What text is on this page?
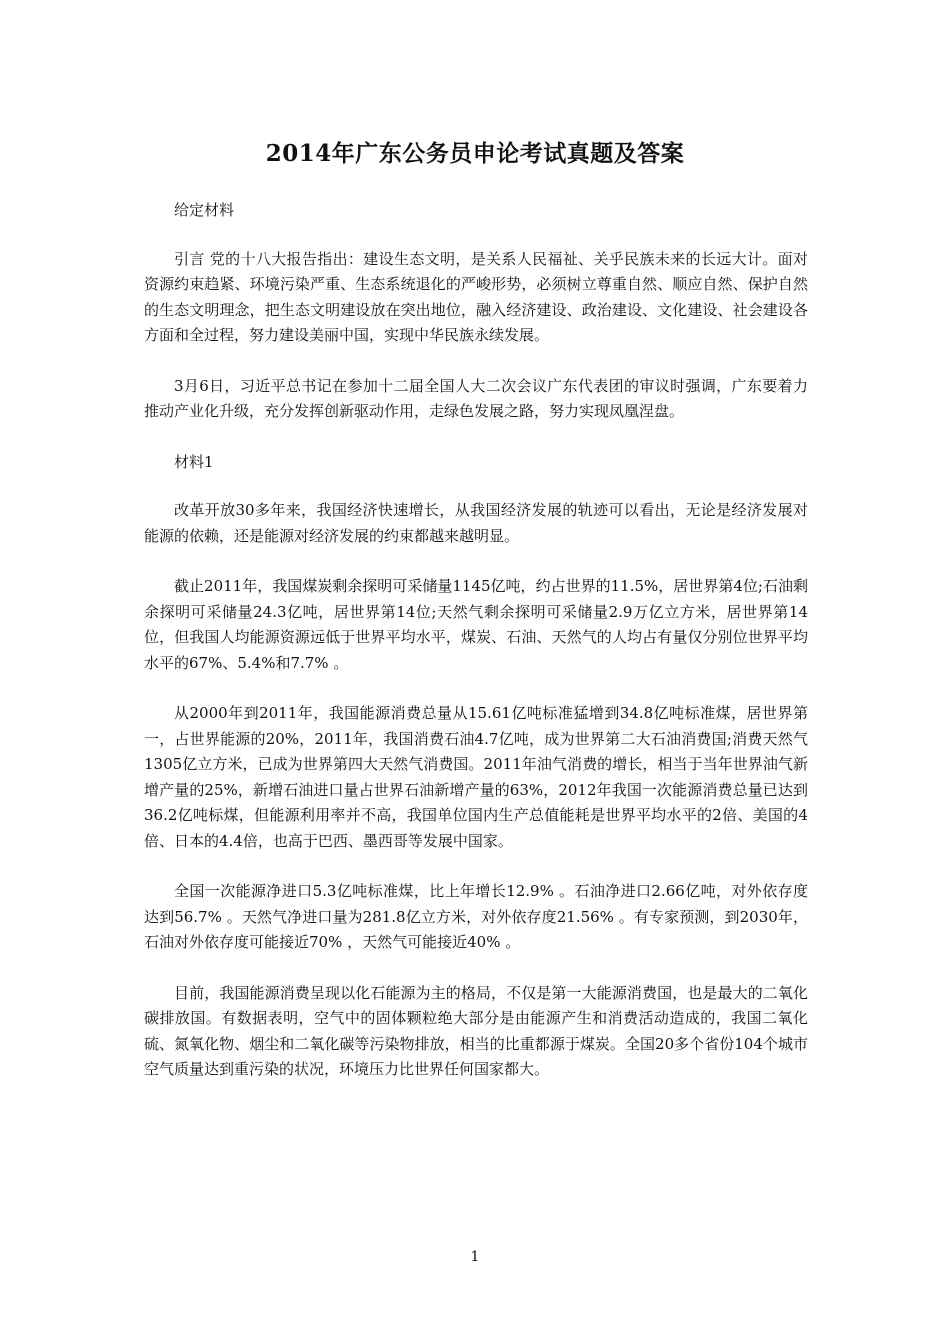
2014年广东公务员申论考试真题及答案

给定材料

引言 党的十八大报告指出：建设生态文明，是关系人民福祉、关乎民族未来的长远大计。面对资源约束趋紧、环境污染严重、生态系统退化的严峻形势，必须树立尊重自然、顺应自然、保护自然的生态文明理念，把生态文明建设放在突出地位，融入经济建设、政治建设、文化建设、社会建设各方面和全过程，努力建设美丽中国，实现中华民族永续发展。

3月6日，习近平总书记在参加十二届全国人大二次会议广东代表团的审议时强调，广东要着力推动产业化升级，充分发挥创新驱动作用，走绿色发展之路，努力实现凤凰涅盘。

材料1

改革开放30多年来，我国经济快速增长，从我国经济发展的轨迹可以看出，无论是经济发展对能源的依赖，还是能源对经济发展的约束都越来越明显。

截止2011年，我国煤炭剩余探明可采储量1145亿吨，约占世界的11.5%，居世界第4位;石油剩余探明可采储量24.3亿吨，居世界第14位;天然气剩余探明可采储量2.9万亿立方米，居世界第14位，但我国人均能源资源远低于世界平均水平，煤炭、石油、天然气的人均占有量仅分别位世界平均水平的67%、5.4%和7.7% 。

从2000年到2011年，我国能源消费总量从15.61亿吨标准猛增到34.8亿吨标准煤，居世界第一，占世界能源的20%，2011年，我国消费石油4.7亿吨，成为世界第二大石油消费国;消费天然气1305亿立方米，已成为世界第四大天然气消费国。2011年油气消费的增长，相当于当年世界油气新增产量的25%，新增石油进口量占世界石油新增产量的63%，2012年我国一次能源消费总量已达到36.2亿吨标煤，但能源利用率并不高，我国单位国内生产总值能耗是世界平均水平的2倍、美国的4倍、日本的4.4倍，也高于巴西、墨西哥等发展中国家。

全国一次能源净进口5.3亿吨标准煤，比上年增长12.9% 。石油净进口2.66亿吨，对外依存度达到56.7% 。天然气净进口量为281.8亿立方米，对外依存度21.56% 。有专家预测，到2030年，石油对外依存度可能接近70% ，天然气可能接近40% 。

目前，我国能源消费呈现以化石能源为主的格局，不仅是第一大能源消费国，也是最大的二氧化碳排放国。有数据表明，空气中的固体颗粒绝大部分是由能源产生和消费活动造成的，我国二氧化硫、氮氧化物、烟尘和二氧化碳等污染物排放，相当的比重都源于煤炭。全国20多个省份104个城市空气质量达到重污染的状况，环境压力比世界任何国家都大。

1
